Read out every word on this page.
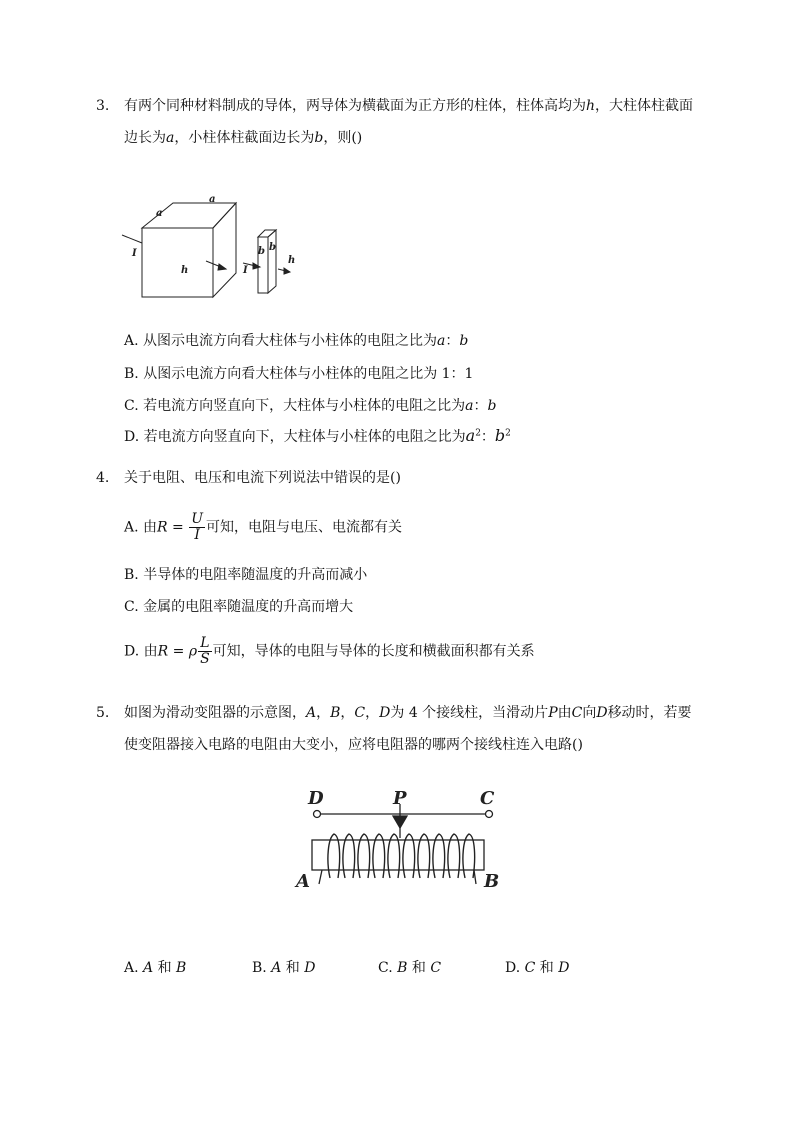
3. 有两个同种材料制成的导体，两导体为横截面为正方形的柱体，柱体高均为h，大柱体柱截面
边长为a，小柱体柱截面边长为b，则()
a
a
h
I
I
b b
h
A. 从图示电流方向看大柱体与小柱体的电阻之比为a：b
B. 从图示电流方向看大柱体与小柱体的电阻之比为 1：1
C. 若电流方向竖直向下，大柱体与小柱体的电阻之比为a：b
D. 若电流方向竖直向下，大柱体与小柱体的电阻之比为$a^2$：$b^2$
4. 关于电阻、电压和电流下列说法中错误的是()
A. 由$R = \frac{U}{I}$ 可知，电阻与电压、电流都有关
B. 半导体的电阻率随温度的升高而减小
C. 金属的电阻率随温度的升高而增大
D. 由R = ρ $\frac{L}{S}$ 可知，导体的电阻与导体的长度和横截面积都有关系
5. 如图为滑动变阻器的示意图，A，B，C，D为 4 个接线柱，当滑动片P由C向D移动时，若要
使变阻器接入电路的电阻由大变小，应将电阻器的哪两个接线柱连入电路()
D	P	C
A	B
A. A 和 B	B. A 和 D	C. B 和 C	D. C 和 D
